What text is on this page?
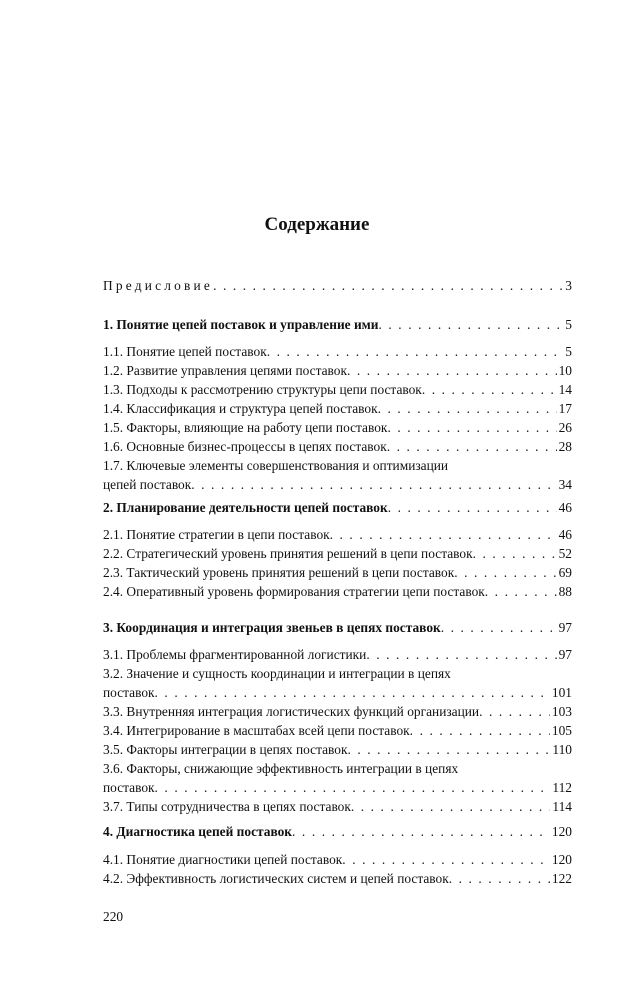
Содержание
Предисловие . . .	3
1. Понятие цепей поставок и управление ими . . .	5
1.1. Понятие цепей поставок . . .	5
1.2. Развитие управления цепями поставок . . .	10
1.3. Подходы к рассмотрению структуры цепи поставок . . .	14
1.4. Классификация и структура цепей поставок . . .	17
1.5. Факторы, влияющие на работу цепи поставок . . .	26
1.6. Основные бизнес-процессы в цепях поставок . . .	28
1.7. Ключевые элементы совершенствования и оптимизации
цепей поставок . . .	34
2. Планирование деятельности цепей поставок . . .	46
2.1. Понятие стратегии в цепи поставок . . .	46
2.2. Стратегический уровень принятия решений в цепи поставок . . .	52
2.3. Тактический уровень принятия решений в цепи поставок . . .	69
2.4. Оперативный уровень формирования стратегии цепи поставок . . .	88
3. Координация и интеграция звеньев в цепях поставок . . .	97
3.1. Проблемы фрагментированной логистики . . .	97
3.2. Значение и сущность координации и интеграции в цепях
поставок . . .	101
3.3. Внутренняя интеграция логистических функций организации . . .	103
3.4. Интегрирование в масштабах всей цепи поставок . . .	105
3.5. Факторы интеграции в цепях поставок . . .	110
3.6. Факторы, снижающие эффективность интеграции в цепях
поставок . . .	112
3.7. Типы сотрудничества в цепях поставок . . .	114
4. Диагностика цепей поставок . . .	120
4.1. Понятие диагностики цепей поставок . . .	120
4.2. Эффективность логистических систем и цепей поставок . . .	122
220
